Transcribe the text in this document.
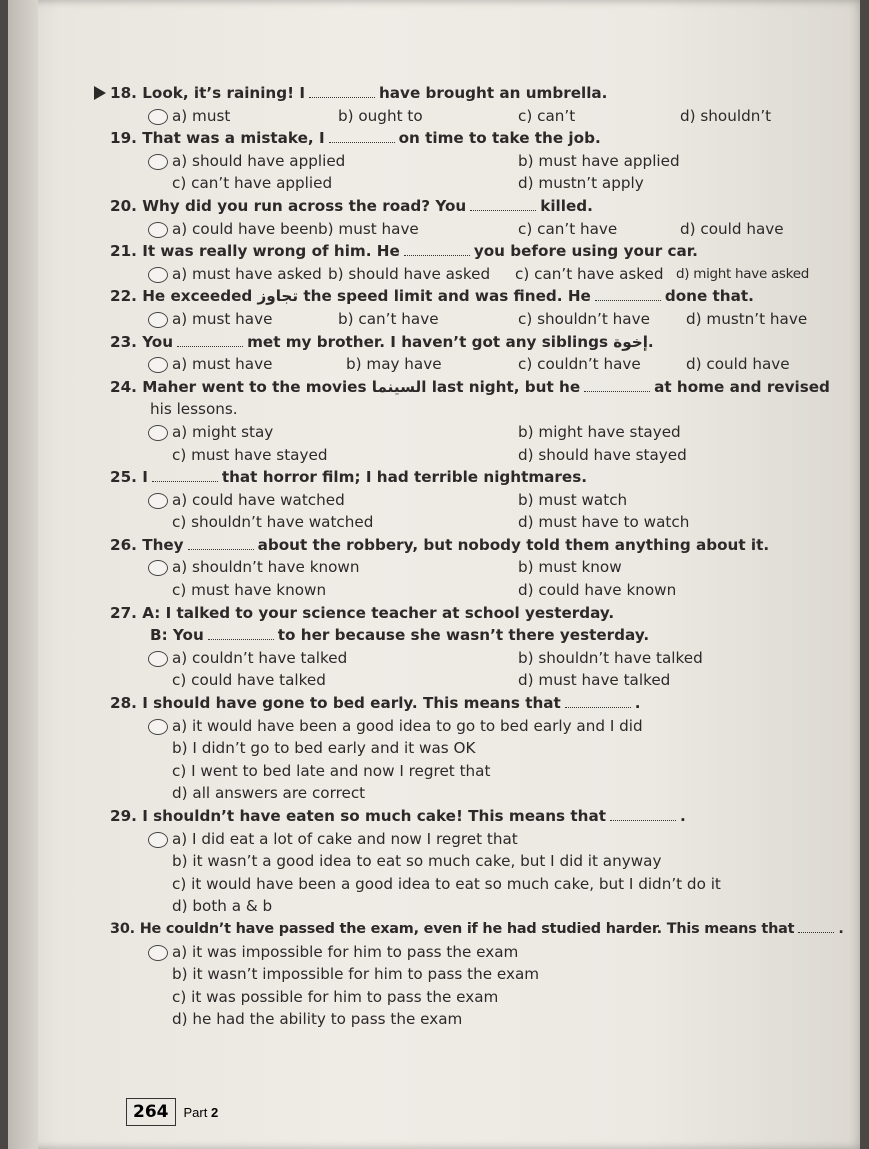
18. Look, it’s raining! I	have brought an umbrella.
a) must	b) ought to	c) can’t	d) shouldn’t
19. That was a mistake, I	on time to take the job.
a) should have applied	b) must have applied
c) can’t have applied	d) mustn’t apply
20. Why did you run across the road? You	killed.
a) could have been b) must have	c) can’t have	d) could have
21. It was really wrong of him. He	you before using your car.
a) must have asked b) should have asked c) can’t have asked d) might have asked
22. He exceeded تجاوز the speed limit and was fined. He	done that.
a) must have	b) can’t have	c) shouldn’t have d) mustn’t have
23. You	met my brother. I haven’t got any siblings إخوة.
a) must have	b) may have	c) couldn’t have	d) could have
24. Maher went to the movies السينما last night, but he	at home and revised
his lessons.
a) might stay	b) might have stayed
c) must have stayed	d) should have stayed
25. I	that horror film; I had terrible nightmares.
a) could have watched	b) must watch
c) shouldn’t have watched	d) must have to watch
26. They	about the robbery, but nobody told them anything about it.
a) shouldn’t have known	b) must know
c) must have known	d) could have known
27. A: I talked to your science teacher at school yesterday.
B: You	to her because she wasn’t there yesterday.
a) couldn’t have talked	b) shouldn’t have talked
c) could have talked	d) must have talked
28. I should have gone to bed early. This means that	.
a) it would have been a good idea to go to bed early and I did
b) I didn’t go to bed early and it was OK
c) I went to bed late and now I regret that
d) all answers are correct
29. I shouldn’t have eaten so much cake! This means that	.
a) I did eat a lot of cake and now I regret that
b) it wasn’t a good idea to eat so much cake, but I did it anyway
c) it would have been a good idea to eat so much cake, but I didn’t do it
d) both a & b
30. He couldn’t have passed the exam, even if he had studied harder. This means that	.
a) it was impossible for him to pass the exam
b) it wasn’t impossible for him to pass the exam
c) it was possible for him to pass the exam
d) he had the ability to pass the exam
264	Part 2
